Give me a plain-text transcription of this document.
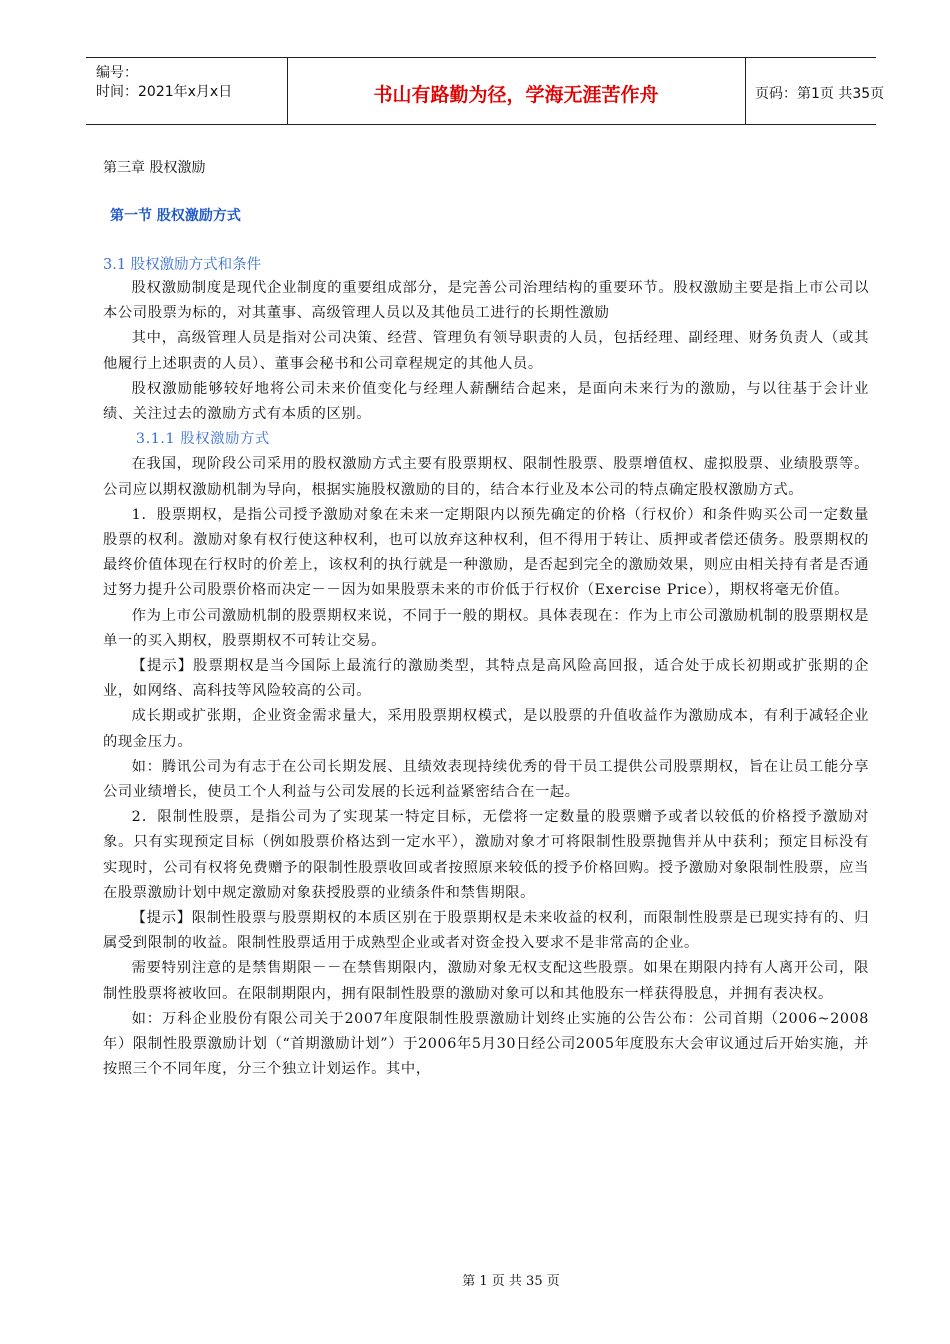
编号：
时间：2021年x月x日	书山有路勤为径，学海无涯苦作舟	页码：第1页 共35页
第三章 股权激励
第一节 股权激励方式
3.1 股权激励方式和条件

股权激励制度是现代企业制度的重要组成部分，是完善公司治理结构的重要环节。股权激励主要是指上市公司以本公司股票为标的，对其董事、高级管理人员以及其他员工进行的长期性激励

其中，高级管理人员是指对公司决策、经营、管理负有领导职责的人员，包括经理、副经理、财务负责人（或其他履行上述职责的人员）、董事会秘书和公司章程规定的其他人员。

股权激励能够较好地将公司未来价值变化与经理人薪酬结合起来，是面向未来行为的激励，与以往基于会计业绩、关注过去的激励方式有本质的区别。

3.1.1 股权激励方式

在我国，现阶段公司采用的股权激励方式主要有股票期权、限制性股票、股票增值权、虚拟股票、业绩股票等。公司应以期权激励机制为导向，根据实施股权激励的目的，结合本行业及本公司的特点确定股权激励方式。

1．股票期权，是指公司授予激励对象在未来一定期限内以预先确定的价格（行权价）和条件购买公司一定数量股票的权利。激励对象有权行使这种权利，也可以放弃这种权利，但不得用于转让、质押或者偿还债务。股票期权的最终价值体现在行权时的价差上，该权利的执行就是一种激励，是否起到完全的激励效果，则应由相关持有者是否通过努力提升公司股票价格而决定－－因为如果股票未来的市价低于行权价（Exercise Price），期权将毫无价值。

作为上市公司激励机制的股票期权来说，不同于一般的期权。具体表现在：作为上市公司激励机制的股票期权是单一的买入期权，股票期权不可转让交易。

【提示】股票期权是当今国际上最流行的激励类型，其特点是高风险高回报，适合处于成长初期或扩张期的企业，如网络、高科技等风险较高的公司。

成长期或扩张期，企业资金需求量大，采用股票期权模式，是以股票的升值收益作为激励成本，有利于减轻企业的现金压力。

如：腾讯公司为有志于在公司长期发展、且绩效表现持续优秀的骨干员工提供公司股票期权，旨在让员工能分享公司业绩增长，使员工个人利益与公司发展的长远利益紧密结合在一起。

2．限制性股票，是指公司为了实现某一特定目标，无偿将一定数量的股票赠予或者以较低的价格授予激励对象。只有实现预定目标（例如股票价格达到一定水平），激励对象才可将限制性股票抛售并从中获利；预定目标没有实现时，公司有权将免费赠予的限制性股票收回或者按照原来较低的授予价格回购。授予激励对象限制性股票，应当在股票激励计划中规定激励对象获授股票的业绩条件和禁售期限。

【提示】限制性股票与股票期权的本质区别在于股票期权是未来收益的权利，而限制性股票是已现实持有的、归属受到限制的收益。限制性股票适用于成熟型企业或者对资金投入要求不是非常高的企业。

需要特别注意的是禁售期限－－在禁售期限内，激励对象无权支配这些股票。如果在期限内持有人离开公司，限制性股票将被收回。在限制期限内，拥有限制性股票的激励对象可以和其他股东一样获得股息，并拥有表决权。

如：万科企业股份有限公司关于2007年度限制性股票激励计划终止实施的公告公布：公司首期（2006~2008年）限制性股票激励计划（“首期激励计划”）于2006年5月30日经公司2005年度股东大会审议通过后开始实施，并按照三个不同年度，分三个独立计划运作。其中，

第 1 页 共 35 页
